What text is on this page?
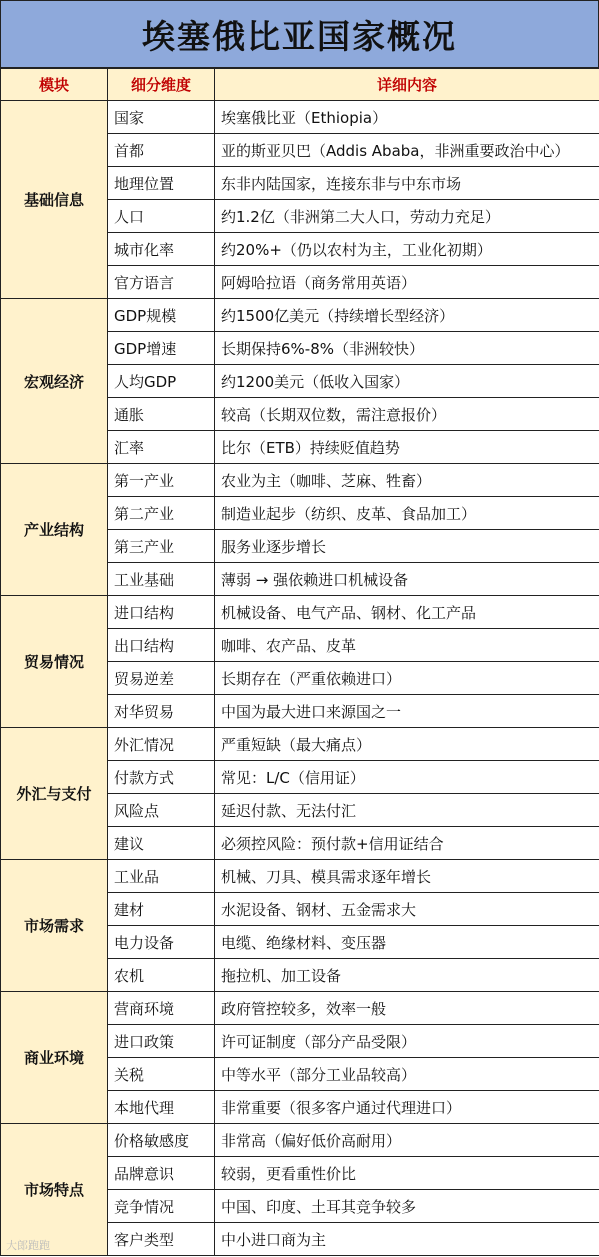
埃塞俄比亚国家概况
模块	细分维度	详细内容
基础信息	国家	埃塞俄比亚（Ethiopia）
	首都	亚的斯亚贝巴（Addis Ababa，非洲重要政治中心）
	地理位置	东非内陆国家，连接东非与中东市场
	人口	约1.2亿（非洲第二大人口，劳动力充足）
	城市化率	约20%+（仍以农村为主，工业化初期）
	官方语言	阿姆哈拉语（商务常用英语）
宏观经济	GDP规模	约1500亿美元（持续增长型经济）
	GDP增速	长期保持6%-8%（非洲较快）
	人均GDP	约1200美元（低收入国家）
	通胀	较高（长期双位数，需注意报价）
	汇率	比尔（ETB）持续贬值趋势
产业结构	第一产业	农业为主（咖啡、芝麻、牲畜）
	第二产业	制造业起步（纺织、皮革、食品加工）
	第三产业	服务业逐步增长
	工业基础	薄弱 → 强依赖进口机械设备
贸易情况	进口结构	机械设备、电气产品、钢材、化工产品
	出口结构	咖啡、农产品、皮革
	贸易逆差	长期存在（严重依赖进口）
	对华贸易	中国为最大进口来源国之一
外汇与支付	外汇情况	严重短缺（最大痛点）
	付款方式	常见：L/C（信用证）
	风险点	延迟付款、无法付汇
	建议	必须控风险：预付款+信用证结合
市场需求	工业品	机械、刀具、模具需求逐年增长
	建材	水泥设备、钢材、五金需求大
	电力设备	电缆、绝缘材料、变压器
	农机	拖拉机、加工设备
商业环境	营商环境	政府管控较多，效率一般
	进口政策	许可证制度（部分产品受限）
	关税	中等水平（部分工业品较高）
	本地代理	非常重要（很多客户通过代理进口）
市场特点	价格敏感度	非常高（偏好低价高耐用）
	品牌意识	较弱，更看重性价比
	竞争情况	中国、印度、土耳其竞争较多
	客户类型	中小进口商为主
大郎跑跑
